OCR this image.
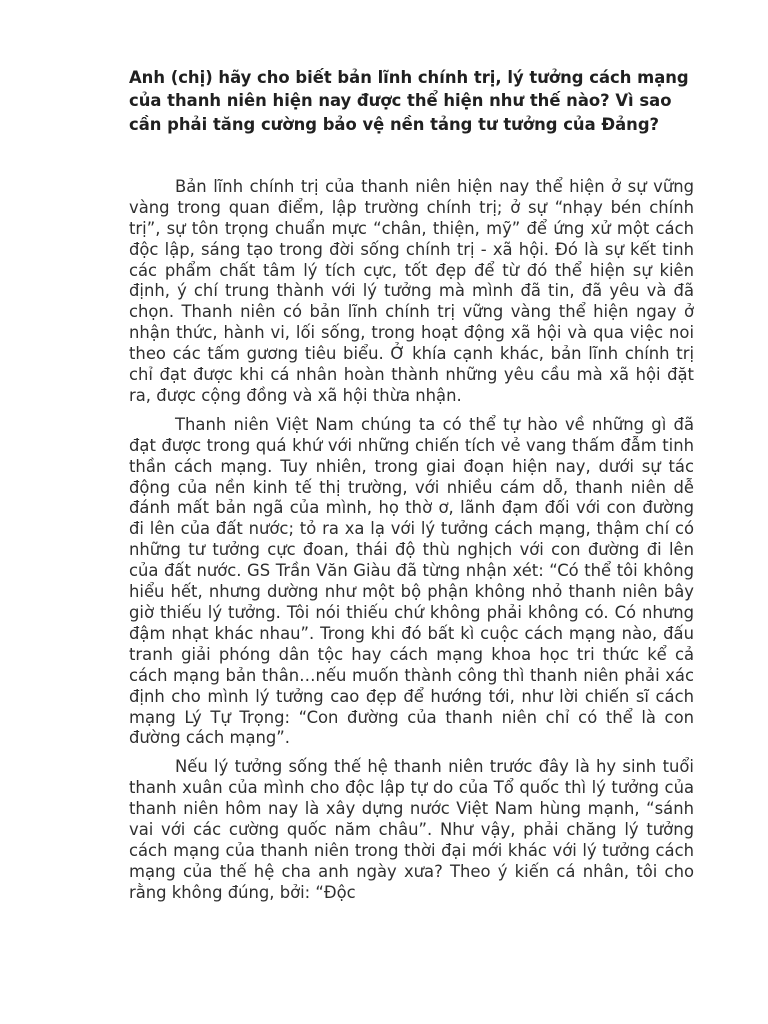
Anh (chị) hãy cho biết bản lĩnh chính trị, lý tưởng cách mạng của thanh niên hiện nay được thể hiện như thế nào? Vì sao cần phải tăng cường bảo vệ nền tảng tư tưởng của Đảng?

Bản lĩnh chính trị của thanh niên hiện nay thể hiện ở sự vững vàng trong quan điểm, lập trường chính trị; ở sự “nhạy bén chính trị”, sự tôn trọng chuẩn mực “chân, thiện, mỹ” để ứng xử một cách độc lập, sáng tạo trong đời sống chính trị - xã hội. Đó là sự kết tinh các phẩm chất tâm lý tích cực, tốt đẹp để từ đó thể hiện sự kiên định, ý chí trung thành với lý tưởng mà mình đã tin, đã yêu và đã chọn. Thanh niên có bản lĩnh chính trị vững vàng thể hiện ngay ở nhận thức, hành vi, lối sống, trong hoạt động xã hội và qua việc noi theo các tấm gương tiêu biểu. Ở khía cạnh khác, bản lĩnh chính trị chỉ đạt được khi cá nhân hoàn thành những yêu cầu mà xã hội đặt ra, được cộng đồng và xã hội thừa nhận.

Thanh niên Việt Nam chúng ta có thể tự hào về những gì đã đạt được trong quá khứ với những chiến tích vẻ vang thấm đẫm tinh thần cách mạng. Tuy nhiên, trong giai đoạn hiện nay, dưới sự tác động của nền kinh tế thị trường, với nhiều cám dỗ, thanh niên dễ đánh mất bản ngã của mình, họ thờ ơ, lãnh đạm đối với con đường đi lên của đất nước; tỏ ra xa lạ với lý tưởng cách mạng, thậm chí có những tư tưởng cực đoan, thái độ thù nghịch với con đường đi lên của đất nước. GS Trần Văn Giàu đã từng nhận xét: “Có thể tôi không hiểu hết, nhưng dường như một bộ phận không nhỏ thanh niên bây giờ thiếu lý tưởng. Tôi nói thiếu chứ không phải không có. Có nhưng đậm nhạt khác nhau”. Trong khi đó bất kì cuộc cách mạng nào, đấu tranh giải phóng dân tộc hay cách mạng khoa học tri thức kể cả cách mạng bản thân…nếu muốn thành công thì thanh niên phải xác định cho mình lý tưởng cao đẹp để hướng tới, như lời chiến sĩ cách mạng Lý Tự Trọng: “Con đường của thanh niên chỉ có thể là con đường cách mạng”.

Nếu lý tưởng sống thế hệ thanh niên trước đây là hy sinh tuổi thanh xuân của mình cho độc lập tự do của Tổ quốc thì lý tưởng của thanh niên hôm nay là xây dựng nước Việt Nam hùng mạnh, “sánh vai với các cường quốc năm châu”. Như vậy, phải chăng lý tưởng cách mạng của thanh niên trong thời đại mới khác với lý tưởng cách mạng của thế hệ cha anh ngày xưa? Theo ý kiến cá nhân, tôi cho rằng không đúng, bởi: “Độc
